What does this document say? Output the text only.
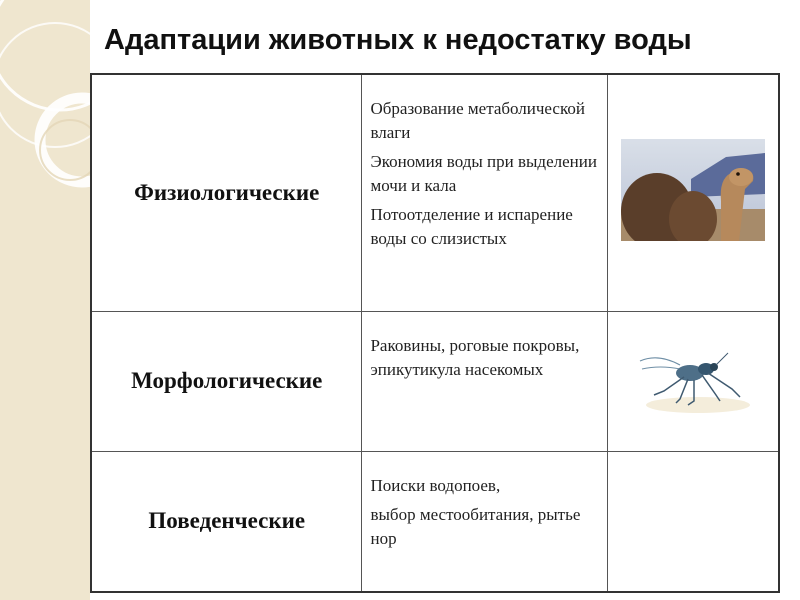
Адаптации животных к недостатку воды
Физиологические	Образование метаболической влаги

Экономия воды при выделении мочи и кала

Потоотделение и испарение воды со слизистых

Морфологические	Раковины, роговые покровы, эпикутикула насекомых

Поведенческие	Поиски водопоев,

выбор местообитания, рытье нор	
